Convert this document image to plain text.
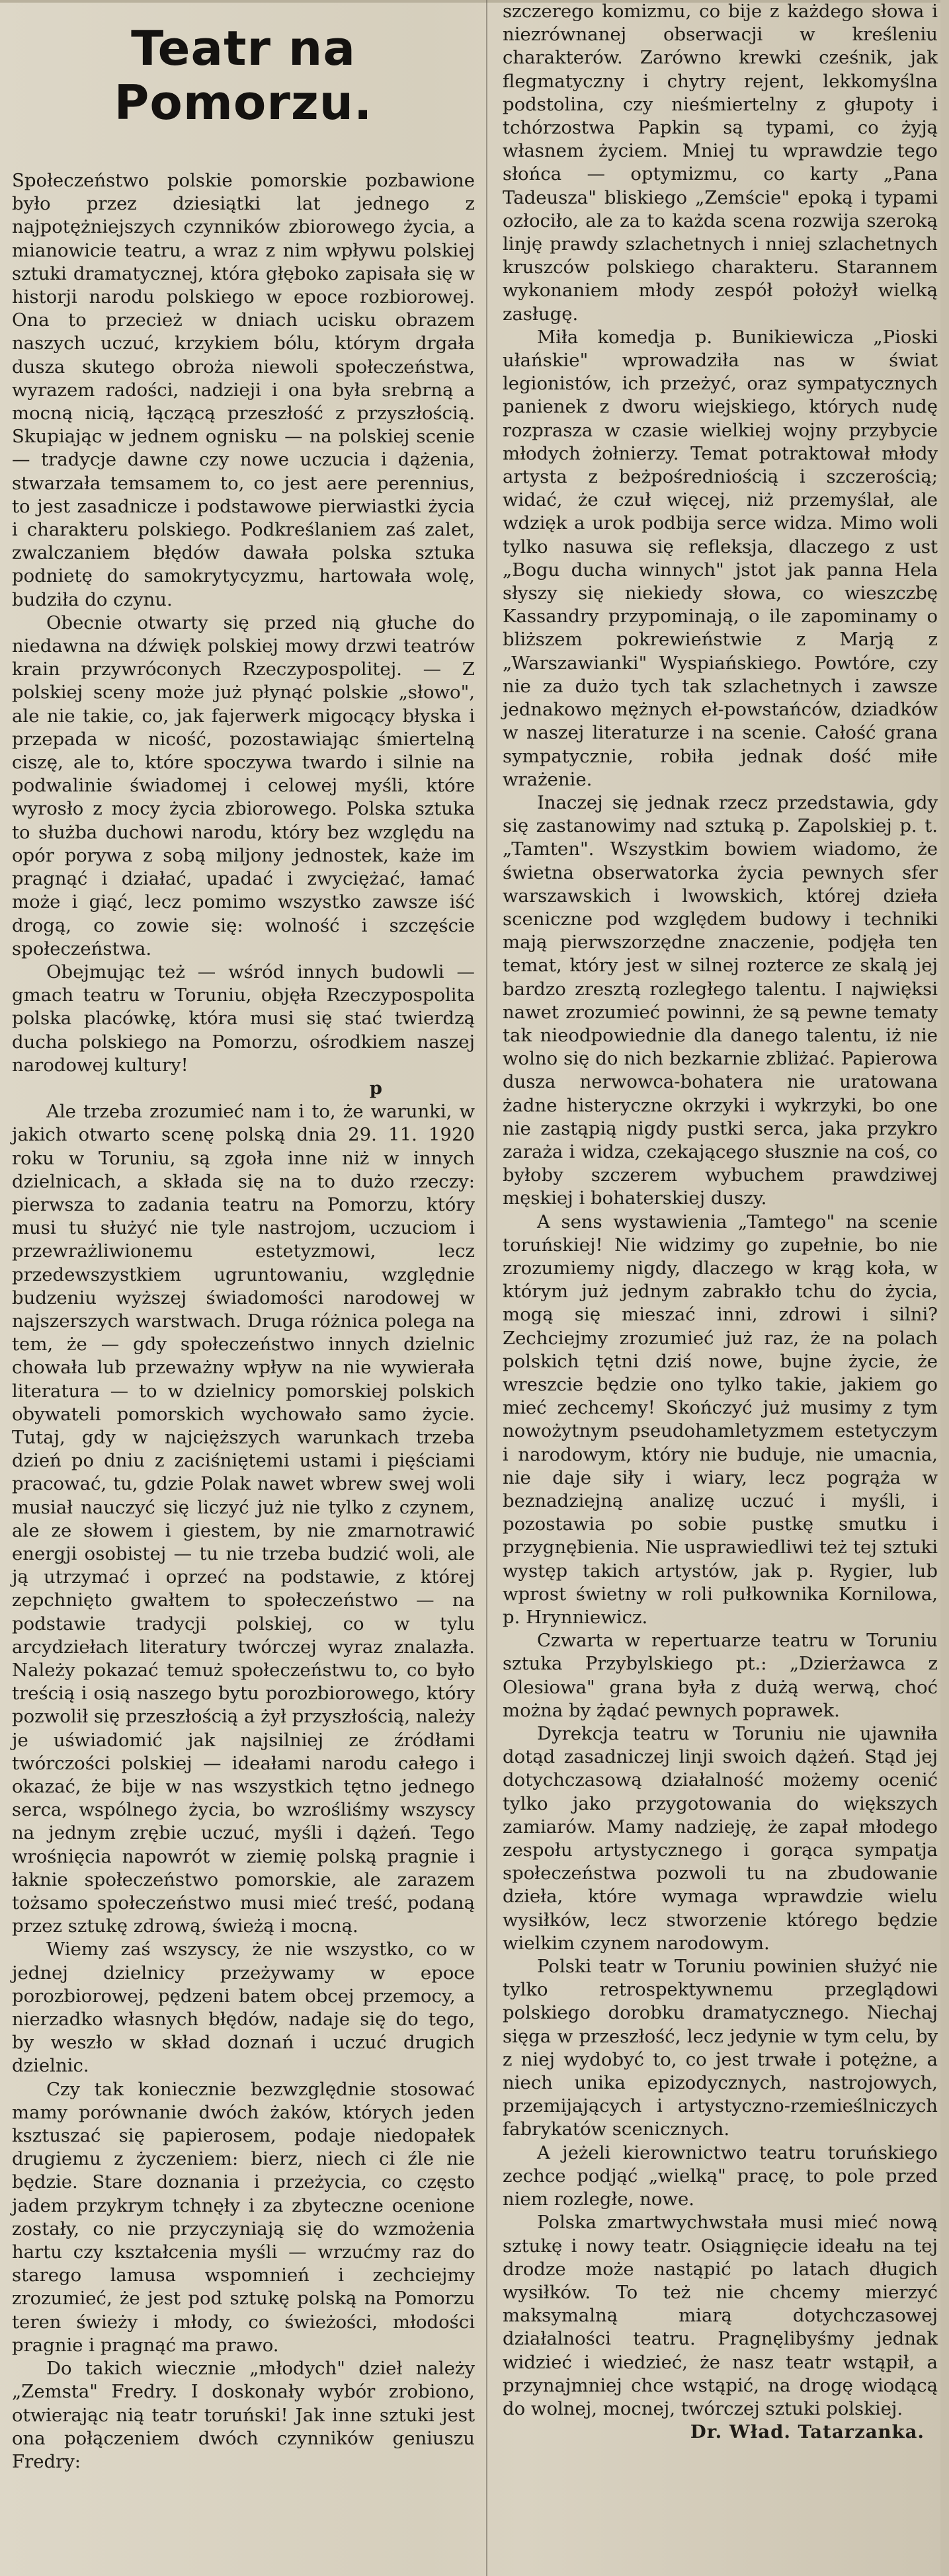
Teatr na Pomorzu.

Społeczeństwo polskie pomorskie pozbawione było przez dziesiątki lat jednego z najpotężniejszych czynników zbiorowego życia, a mianowicie teatru, a wraz z nim wpływu polskiej sztuki dramatycznej, która głęboko zapisała się w historji narodu polskiego w epoce rozbiorowej. Ona to przecież w dniach ucisku obrazem naszych uczuć, krzykiem bólu, którym drgała dusza skutego obroża niewoli społeczeństwa, wyrazem radości, nadzieji i ona była srebrną a mocną nicią, łączącą przeszłość z przyszłością. Skupiając w jednem ognisku — na polskiej scenie — tradycje dawne czy nowe uczucia i dążenia, stwarzała temsamem to, co jest aere perennius, to jest zasadnicze i podstawowe pierwiastki życia i charakteru polskiego. Podkreślaniem zaś zalet, zwalczaniem błędów dawała polska sztuka podnietę do samokrytycyzmu, hartowała wolę, budziła do czynu.

Obecnie otwarty się przed nią głuche do niedawna na dźwięk polskiej mowy drzwi teatrów krain przywróconych Rzeczypospolitej. — Z polskiej sceny może już płynąć polskie „słowo", ale nie takie, co, jak fajerwerk migocący błyska i przepada w nicość, pozostawiając śmiertelną ciszę, ale to, które spoczywa twardo i silnie na podwalinie świadomej i celowej myśli, które wyrosło z mocy życia zbiorowego. Polska sztuka to służba duchowi narodu, który bez względu na opór porywa z sobą miljony jednostek, każe im pragnąć i działać, upadać i zwyciężać, łamać może i giąć, lecz pomimo wszystko zawsze iść drogą, co zowie się: wolność i szczęście społeczeństwa.

Obejmując też — wśród innych budowli — gmach teatru w Toruniu, objęła Rzeczypospolita polska placówkę, która musi się stać twierdzą ducha polskiego na Pomorzu, ośrodkiem naszej narodowej kultury!

p

Ale trzeba zrozumieć nam i to, że warunki, w jakich otwarto scenę polską dnia 29. 11. 1920 roku w Toruniu, są zgoła inne niż w innych dzielnicach, a składa się na to dużo rzeczy: pierwsza to zadania teatru na Pomorzu, który musi tu służyć nie tyle nastrojom, uczuciom i przewrażliwionemu estetyzmowi, lecz przedewszystkiem ugruntowaniu, względnie budzeniu wyższej świadomości narodowej w najszerszych warstwach. Druga różnica polega na tem, że — gdy społeczeństwo innych dzielnic chowała lub przeważny wpływ na nie wywierała literatura — to w dzielnicy pomorskiej polskich obywateli pomorskich wychowało samo życie. Tutaj, gdy w najcięższych warunkach trzeba dzień po dniu z zaciśniętemi ustami i pięściami pracować, tu, gdzie Polak nawet wbrew swej woli musiał nauczyć się liczyć już nie tylko z czynem, ale ze słowem i giestem, by nie zmarnotrawić energji osobistej — tu nie trzeba budzić woli, ale ją utrzymać i oprzeć na podstawie, z której zepchnięto gwałtem to społeczeństwo — na podstawie tradycji polskiej, co w tylu arcydziełach literatury twórczej wyraz znalazła. Należy pokazać temuż społeczeństwu to, co było treścią i osią naszego bytu porozbiorowego, który pozwolił się przeszłością a żył przyszłością, należy je uświadomić jak najsilniej ze źródłami twórczości polskiej — ideałami narodu całego i okazać, że bije w nas wszystkich tętno jednego serca, wspólnego życia, bo wzrośliśmy wszyscy na jednym zrębie uczuć, myśli i dążeń. Tego wrośnięcia napowrót w ziemię polską pragnie i łaknie społeczeństwo pomorskie, ale zarazem tożsamo społeczeństwo musi mieć treść, podaną przez sztukę zdrową, świeżą i mocną.

Wiemy zaś wszyscy, że nie wszystko, co w jednej dzielnicy przeżywamy w epoce porozbiorowej, pędzeni batem obcej przemocy, a nierzadko własnych błędów, nadaje się do tego, by weszło w skład doznań i uczuć drugich dzielnic.

Czy tak koniecznie bezwzględnie stosować mamy porównanie dwóch żaków, których jeden ksztuszać się papierosem, podaje niedopałek drugiemu z życzeniem: bierz, niech ci źle nie będzie. Stare doznania i przeżycia, co często jadem przykrym tchnęły i za zbyteczne ocenione zostały, co nie przyczyniają się do wzmożenia hartu czy kształcenia myśli — wrzućmy raz do starego lamusa wspomnień i zechciejmy zrozumieć, że jest pod sztukę polską na Pomorzu teren świeży i młody, co świeżości, młodości pragnie i pragnąć ma prawo.

Do takich wiecznie „młodych" dzieł należy „Zemsta" Fredry. I doskonały wybór zrobiono, otwierając nią teatr toruński! Jak inne sztuki jest ona połączeniem dwóch czynników geniuszu Fredry:

szczerego komizmu, co bije z każdego słowa i niezrównanej obserwacji w kreśleniu charakterów. Zarówno krewki cześnik, jak flegmatyczny i chytry rejent, lekkomyślna podstolina, czy nieśmiertelny z głupoty i tchórzostwa Papkin są typami, co żyją własnem życiem. Mniej tu wprawdzie tego słońca — optymizmu, co karty „Pana Tadeusza" bliskiego „Zemście" epoką i typami ozłociło, ale za to każda scena rozwija szeroką linję prawdy szlachetnych i nniej szlachetnych kruszców polskiego charakteru. Starannem wykonaniem młody zespół położył wielką zasługę.

Miła komedja p. Bunikiewicza „Pioski ułańskie" wprowadziła nas w świat legionistów, ich przeżyć, oraz sympatycznych panienek z dworu wiejskiego, których nudę rozprasza w czasie wielkiej wojny przybycie młodych żołnierzy. Temat potraktował młody artysta z beżpośredniością i szczerością; widać, że czuł więcej, niż przemyślał, ale wdzięk a urok podbija serce widza. Mimo woli tylko nasuwa się refleksja, dlaczego z ust „Bogu ducha winnych" jstot jak panna Hela słyszy się niekiedy słowa, co wieszczbę Kassandry przypominają, o ile zapominamy o bliższem pokrewieństwie z Marją z „Warszawianki" Wyspiańskiego. Powtóre, czy nie za dużo tych tak szlachetnych i zawsze jednakowo mężnych eł-powstańców, dziadków w naszej literaturze i na scenie. Całość grana sympatycznie, robiła jednak dość miłe wrażenie.

Inaczej się jednak rzecz przedstawia, gdy się zastanowimy nad sztuką p. Zapolskiej p. t. „Tamten". Wszystkim bowiem wiadomo, że świetna obserwatorka życia pewnych sfer warszawskich i lwowskich, której dzieła sceniczne pod względem budowy i techniki mają pierwszorzędne znaczenie, podjęła ten temat, który jest w silnej rozterce ze skalą jej bardzo zresztą rozległego talentu. I najwięksi nawet zrozumieć powinni, że są pewne tematy tak nieodpowiednie dla danego talentu, iż nie wolno się do nich bezkarnie zbliżać. Papierowa dusza nerwowca-bohatera nie uratowana żadne histeryczne okrzyki i wykrzyki, bo one nie zastąpią nigdy pustki serca, jaka przykro zaraża i widza, czekającego słusznie na coś, co byłoby szczerem wybuchem prawdziwej męskiej i bohaterskiej duszy.

A sens wystawienia „Tamtego" na scenie toruńskiej! Nie widzimy go zupełnie, bo nie zrozumiemy nigdy, dlaczego w krąg koła, w którym już jednym zabrakło tchu do życia, mogą się mieszać inni, zdrowi i silni? Zechciejmy zrozumieć już raz, że na polach polskich tętni dziś nowe, bujne życie, że wreszcie będzie ono tylko takie, jakiem go mieć zechcemy! Skończyć już musimy z tym nowożytnym pseudohamletyzmem estetyczym i narodowym, który nie buduje, nie umacnia, nie daje siły i wiary, lecz pogrąża w beznadziejną analizę uczuć i myśli, i pozostawia po sobie pustkę smutku i przygnębienia. Nie usprawiedliwi też tej sztuki występ takich artystów, jak p. Rygier, lub wprost świetny w roli pułkownika Kornilowa, p. Hrynniewicz.

Czwarta w repertuarze teatru w Toruniu sztuka Przybylskiego pt.: „Dzierżawca z Olesiowa" grana była z dużą werwą, choć można by żądać pewnych poprawek.

Dyrekcja teatru w Toruniu nie ujawniła dotąd zasadniczej linji swoich dążeń. Stąd jej dotychczasową działalność możemy ocenić tylko jako przygotowania do większych zamiarów. Mamy nadzieję, że zapał młodego zespołu artystycznego i gorąca sympatja społeczeństwa pozwoli tu na zbudowanie dzieła, które wymaga wprawdzie wielu wysiłków, lecz stworzenie którego będzie wielkim czynem narodowym.

Polski teatr w Toruniu powinien służyć nie tylko retrospektywnemu przeglądowi polskiego dorobku dramatycznego. Niechaj sięga w przeszłość, lecz jedynie w tym celu, by z niej wydobyć to, co jest trwałe i potężne, a niech unika epizodycznych, nastrojowych, przemijających i artystyczno-rzemieślniczych fabrykatów scenicznych.

A jeżeli kierownictwo teatru toruńskiego zechce podjąć „wielką" pracę, to pole przed niem rozległe, nowe.

Polska zmartwychwstała musi mieć nową sztukę i nowy teatr. Osiągnięcie ideału na tej drodze może nastąpić po latach długich wysiłków. To też nie chcemy mierzyć maksymalną miarą dotychczasowej działalności teatru. Pragnęlibyśmy jednak widzieć i wiedzieć, że nasz teatr wstąpił, a przynajmniej chce wstąpić, na drogę wiodącą do wolnej, mocnej, twórczej sztuki polskiej.

Dr. Wład. Tatarzanka.
